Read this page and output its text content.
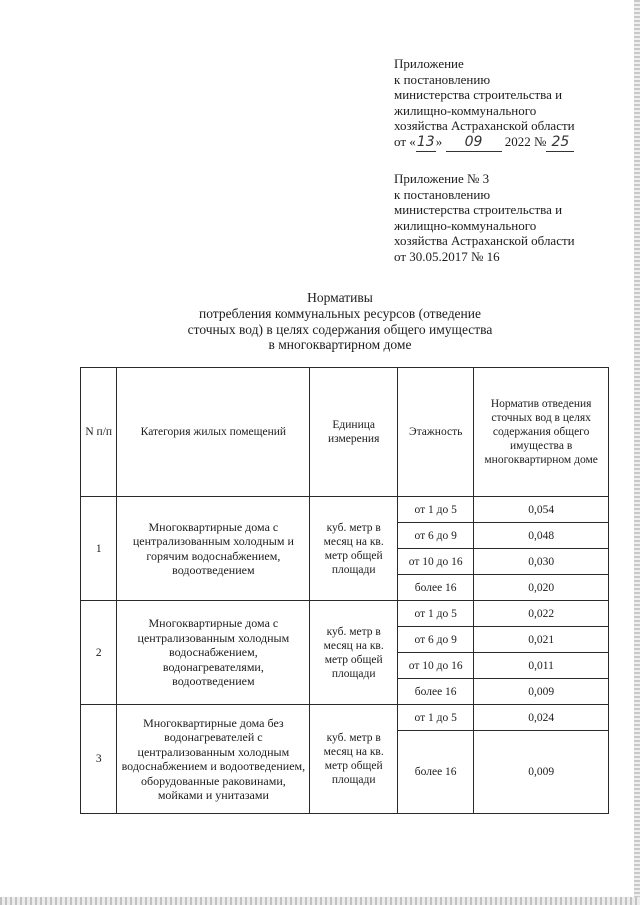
Приложение
к постановлению
министерства строительства и
жилищно-коммунального
хозяйства Астраханской области
от «13» 09 2022 № 25
Приложение № 3
к постановлению
министерства строительства и
жилищно-коммунального
хозяйства Астраханской области
от 30.05.2017 № 16
Нормативы
потребления коммунальных ресурсов (отведение
сточных вод) в целях содержания общего имущества
в многоквартирном доме
N п/п	Категория жилых помещений	Единица измерения	Этажность	Норматив отведения сточных вод в целях содержания общего имущества в многоквартирном доме
1	Многоквартирные дома с централизованным холодным и горячим водоснабжением, водоотведением	куб. метр в месяц на кв. метр общей площади	от 1 до 5	0,054
			от 6 до 9	0,048
			от 10 до 16	0,030
			более 16	0,020
2	Многоквартирные дома с централизованным холодным водоснабжением, водонагревателями, водоотведением	куб. метр в месяц на кв. метр общей площади	от 1 до 5	0,022
			от 6 до 9	0,021
			от 10 до 16	0,011
			более 16	0,009
3	Многоквартирные дома без водонагревателей с централизованным холодным водоснабжением и водоотведением, оборудованные раковинами, мойками и унитазами	куб. метр в месяц на кв. метр общей площади	от 1 до 5	0,024
			более 16	0,009
